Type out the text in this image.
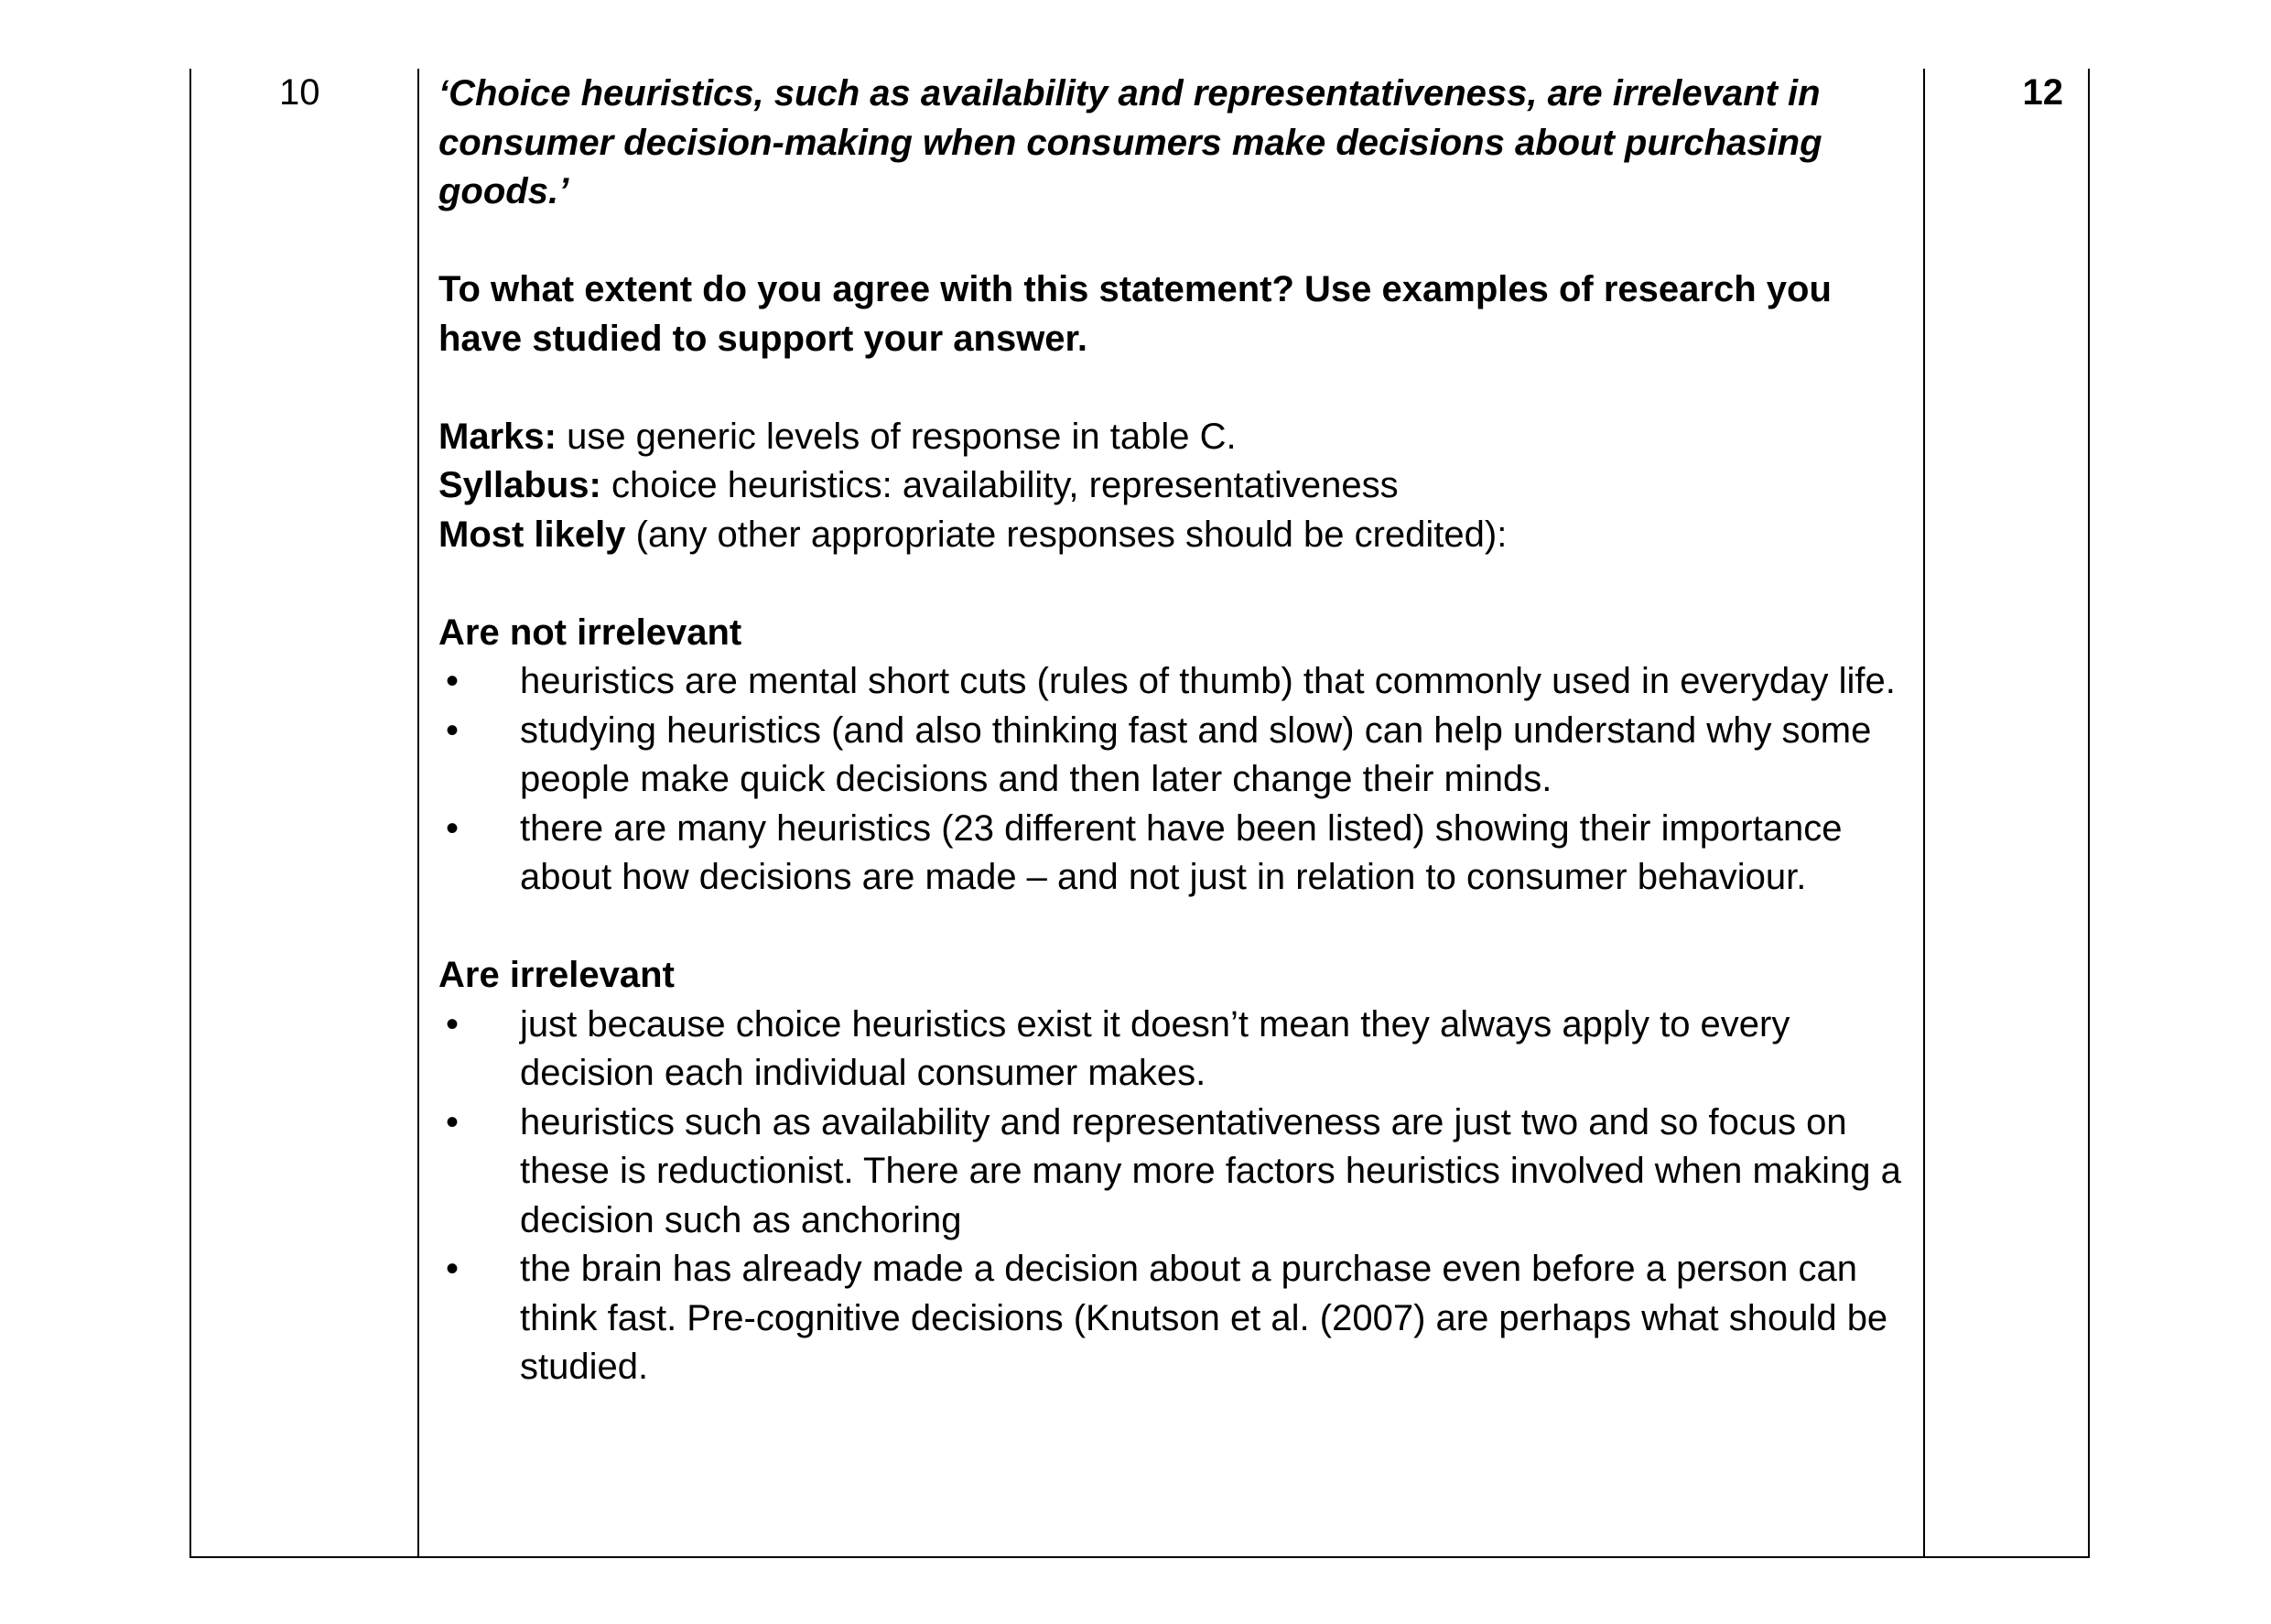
10	12

‘Choice heuristics, such as availability and representativeness, are irrelevant in consumer decision-making when consumers make decisions about purchasing goods.’

To what extent do you agree with this statement? Use examples of research you have studied to support your answer.

Marks: use generic levels of response in table C.

Syllabus: choice heuristics: availability, representativeness

Most likely (any other appropriate responses should be credited):

Are not irrelevant

• heuristics are mental short cuts (rules of thumb) that commonly used in everyday life.
• studying heuristics (and also thinking fast and slow) can help understand why some people make quick decisions and then later change their minds.
• there are many heuristics (23 different have been listed) showing their importance about how decisions are made – and not just in relation to consumer behaviour.

Are irrelevant

• just because choice heuristics exist it doesn’t mean they always apply to every decision each individual consumer makes.
• heuristics such as availability and representativeness are just two and so focus on these is reductionist. There are many more factors heuristics involved when making a decision such as anchoring
• the brain has already made a decision about a purchase even before a person can think fast. Pre-cognitive decisions (Knutson et al. (2007) are perhaps what should be studied.
